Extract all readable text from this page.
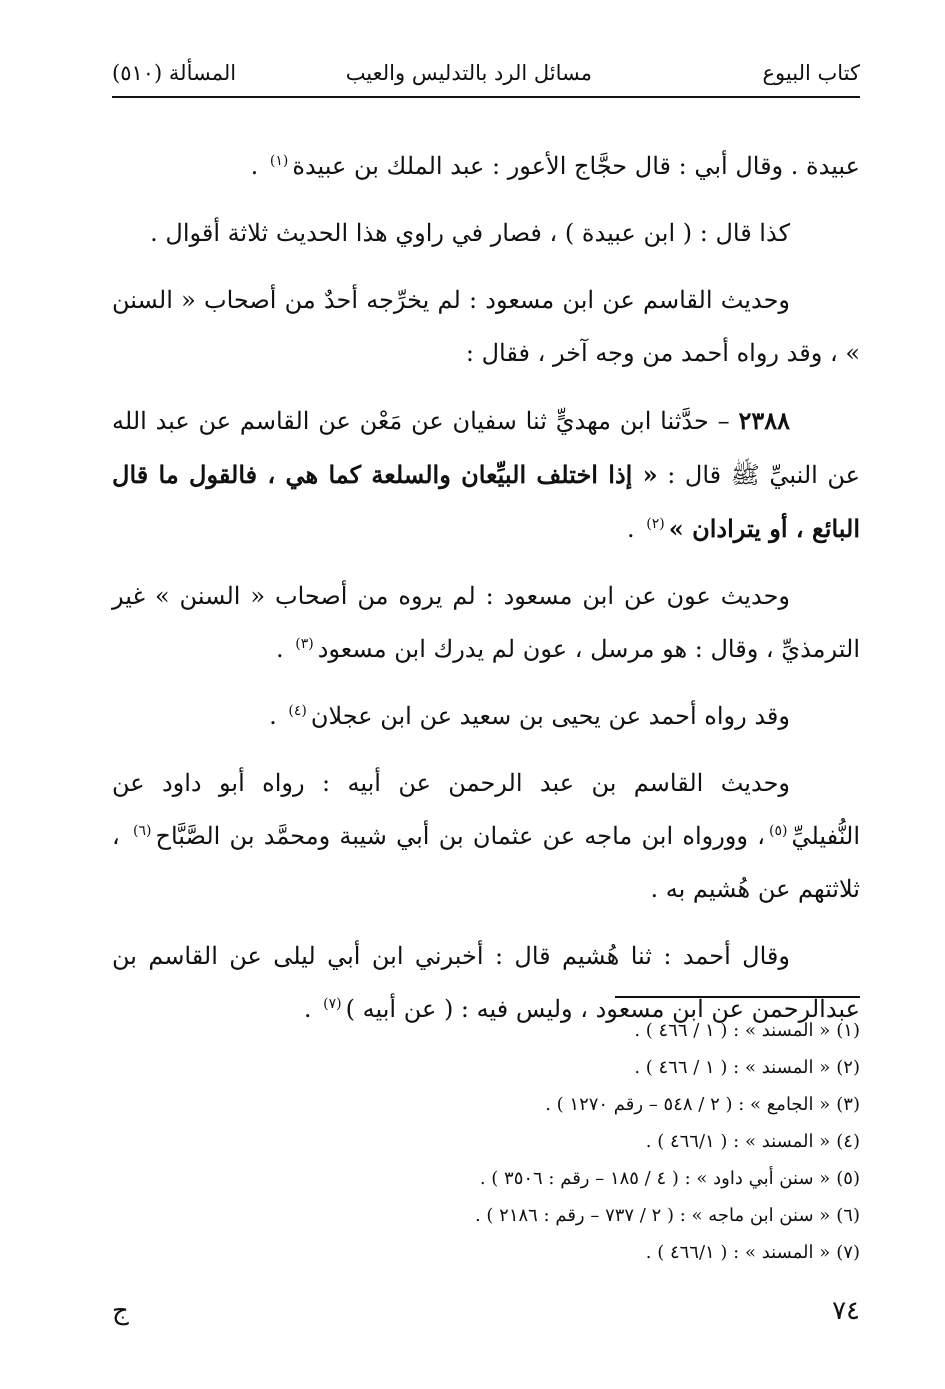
كتاب البيوع
مسائل الرد بالتدليس والعيب
المسألة (٥١٠)

عبيدة . وقال أبي : قال حجَّاج الأعور : عبد الملك بن عبيدة$^{(١)}$ .

كذا قال : ( ابن عبيدة ) ، فصار في راوي هذا الحديث ثلاثة أقوال .

وحديث القاسم عن ابن مسعود : لم يخرِّجه أحدٌ من أصحاب « السنن » ، وقد رواه أحمد من وجه آخر ، فقال :

٢٣٨٨ – حدَّثنا ابن مهديٍّ ثنا سفيان عن مَعْن عن القاسم عن عبد الله عن النبيِّ ﷺ قال : « إذا اختلف البيِّعان والسلعة كما هي ، فالقول ما قال البائع ، أو يترادان »$^{(٢)}$ .

وحديث عون عن ابن مسعود : لم يروه من أصحاب « السنن » غير الترمذيِّ ، وقال : هو مرسل ، عون لم يدرك ابن مسعود$^{(٣)}$ .

وقد رواه أحمد عن يحيى بن سعيد عن ابن عجلان$^{(٤)}$ .

وحديث القاسم بن عبد الرحمن عن أبيه : رواه أبو داود عن النُّفيليِّ$^{(٥)}$، وورواه ابن ماجه عن عثمان بن أبي شيبة ومحمَّد بن الصَّبَّاح$^{(٦)}$ ، ثلاثتهم عن هُشيم به .

وقال أحمد : ثنا هُشيم قال : أخبرني ابن أبي ليلى عن القاسم بن عبدالرحمن عن ابن مسعود ، وليس فيه : ( عن أبيه )$^{(٧)}$ .

(١)« المسند » : ( ١ / ٤٦٦ ) .
(٢)« المسند » : ( ١ / ٤٦٦ ) .
(٣)« الجامع » : ( ٢ / ٥٤٨ – رقم ١٢٧٠ ) .
(٤)« المسند » : ( ٤٦٦/١ ) .
(٥)« سنن أبي داود » : ( ٤ / ١٨٥ – رقم : ٣٥٠٦ ) .
(٦)« سنن ابن ماجه » : ( ٢ / ٧٣٧ – رقم : ٢١٨٦ ) .
(٧)« المسند » : ( ٤٦٦/١ ) .
٧٤
ج
